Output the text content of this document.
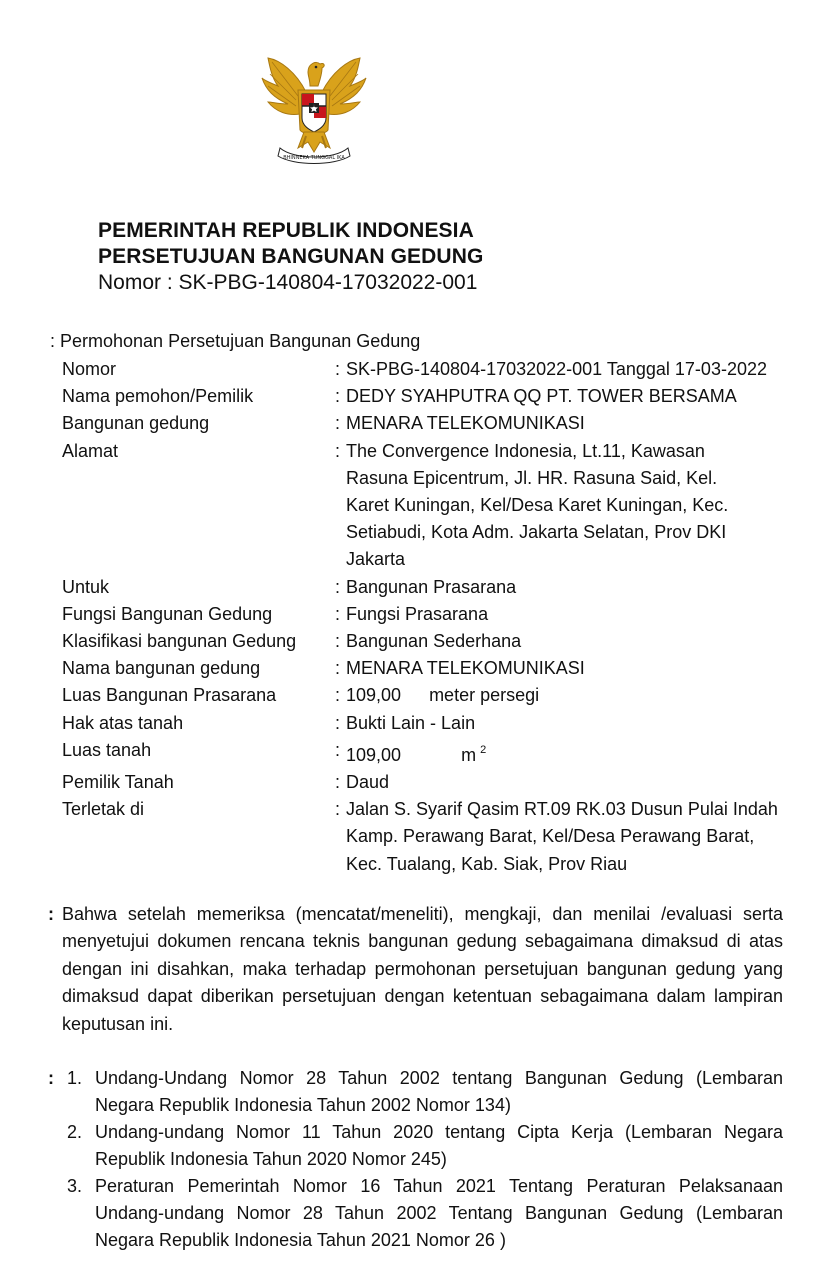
BHINNEKA TUNGGAL IKA
PEMERINTAH REPUBLIK INDONESIA
PERSETUJUAN BANGUNAN GEDUNG
Nomor : SK-PBG-140804-17032022-001
: Permohonan Persetujuan Bangunan Gedung
Nomor	: SK-PBG-140804-17032022-001 Tanggal 17-03-2022
Nama pemohon/Pemilik	: DEDY SYAHPUTRA QQ PT. TOWER BERSAMA
Bangunan gedung	: MENARA TELEKOMUNIKASI
Alamat	: The Convergence Indonesia, Lt.11, Kawasan Rasuna Epicentrum, Jl. HR. Rasuna Said, Kel. Karet Kuningan, Kel/Desa Karet Kuningan, Kec. Setiabudi, Kota Adm. Jakarta Selatan, Prov DKI Jakarta
Untuk	: Bangunan Prasarana
Fungsi Bangunan Gedung	: Fungsi Prasarana
Klasifikasi bangunan Gedung	: Bangunan Sederhana
Nama bangunan gedung	: MENARA TELEKOMUNIKASI
Luas Bangunan Prasarana	: 109,00 meter persegi
Hak atas tanah	: Bukti Lain - Lain
Luas tanah	: 109,00	m $^2$
Pemilik Tanah	: Daud
Terletak di	: Jalan S. Syarif Qasim RT.09 RK.03 Dusun Pulai Indah Kamp. Perawang Barat, Kel/Desa Perawang Barat, Kec. Tualang, Kab. Siak, Prov Riau
: Bahwa setelah memeriksa (mencatat/meneliti), mengkaji, dan menilai /evaluasi serta menyetujui dokumen rencana teknis bangunan gedung sebagaimana dimaksud di atas dengan ini disahkan, maka terhadap permohonan persetujuan bangunan gedung yang dimaksud dapat diberikan persetujuan dengan ketentuan sebagaimana dalam lampiran keputusan ini.
: 1. Undang-Undang Nomor 28 Tahun 2002 tentang Bangunan Gedung (Lembaran Negara Republik Indonesia Tahun 2002 Nomor 134)
2. Undang-undang Nomor 11 Tahun 2020 tentang Cipta Kerja (Lembaran Negara Republik Indonesia Tahun 2020 Nomor 245)
3. Peraturan Pemerintah Nomor 16 Tahun 2021 Tentang Peraturan Pelaksanaan Undang-undang Nomor 28 Tahun 2002 Tentang Bangunan Gedung (Lembaran Negara Republik Indonesia Tahun 2021 Nomor 26 )
